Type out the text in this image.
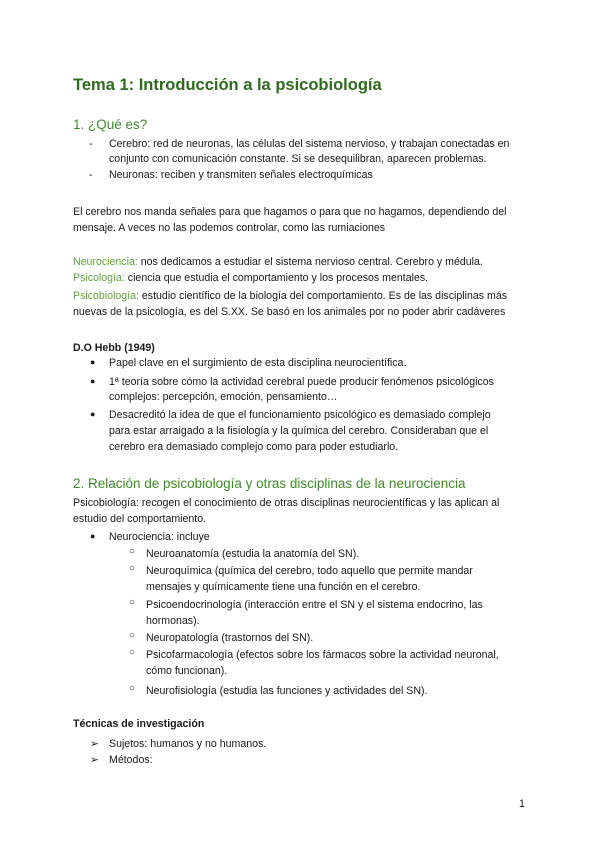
Tema 1: Introducción a la psicobiología
1. ¿Qué es?
- Cerebro: red de neuronas, las células del sistema nervioso, y trabajan conectadas en
conjunto con comunicación constante. Si se desequilibran, aparecen problemas.
- Neuronas: reciben y transmiten señales electroquímicas
El cerebro nos manda señales para que hagamos o para que no hagamos, dependiendo del
mensaje. A veces no las podemos controlar, como las rumiaciones
Neurociencia: nos dedicamos a estudiar el sistema nervioso central. Cerebro y médula.
Psicología: ciencia que estudia el comportamiento y los procesos mentales.
Psicobiología: estudio científico de la biología del comportamiento. Es de las disciplinas más
nuevas de la psicología, es del S.XX. Se basó en los animales por no poder abrir cadáveres
D.O Hebb (1949)
● Papel clave en el surgimiento de esta disciplina neurocientífica.
● 1ª teoría sobre cómo la actividad cerebral puede producir fenómenos psicológicos
complejos: percepción, emoción, pensamiento…
● Desacreditó la idea de que el funcionamiento psicológico es demasiado complejo
para estar arraigado a la fisiología y la química del cerebro. Consideraban que el
cerebro era demasiado complejo como para poder estudiarlo.
2. Relación de psicobiología y otras disciplinas de la neurociencia
Psicobiología: recogen el conocimiento de otras disciplinas neurocientíficas y las aplican al
estudio del comportamiento.
● Neurociencia: incluye
○ Neuroanatomía (estudia la anatomía del SN).
○ Neuroquímica (química del cerebro, todo aquello que permite mandar
mensajes y químicamente tiene una función en el cerebro.
○ Psicoendocrinología (interacción entre el SN y el sistema endocrino, las
hormonas).
○ Neuropatología (trastornos del SN).
○ Psicofarmacología (efectos sobre los fármacos sobre la actividad neuronal,
cómo funcionan).
○ Neurofisiología (estudia las funciones y actividades del SN).
Técnicas de investigación
➢ Sujetos: humanos y no humanos.
➢ Métodos:
1
